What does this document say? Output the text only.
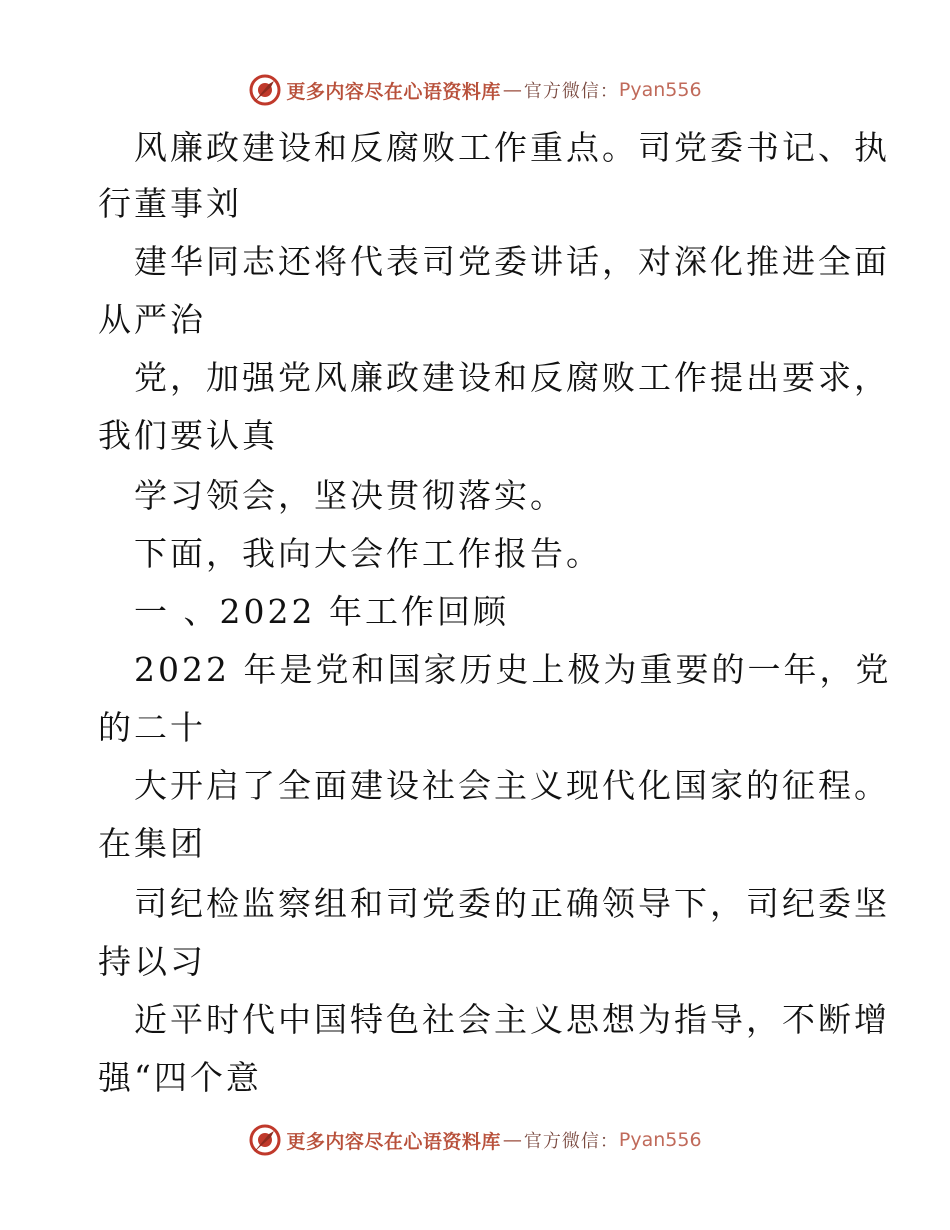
更多内容尽在心语资料库 — 官方微信： Pyan556
风廉政建设和反腐败工作重点。司党委书记、执
行董事刘
建华同志还将代表司党委讲话，对深化推进全面
从严治
党，加强党风廉政建设和反腐败工作提出要求，
我们要认真
学习领会，坚决贯彻落实。
下面，我向大会作工作报告。
一 、2022 年工作回顾
2022 年是党和国家历史上极为重要的一年，党
的二十
大开启了全面建设社会主义现代化国家的征程。
在集团
司纪检监察组和司党委的正确领导下，司纪委坚
持以习
近平时代中国特色社会主义思想为指导，不断增
强“四个意
更多内容尽在心语资料库 — 官方微信： Pyan556
